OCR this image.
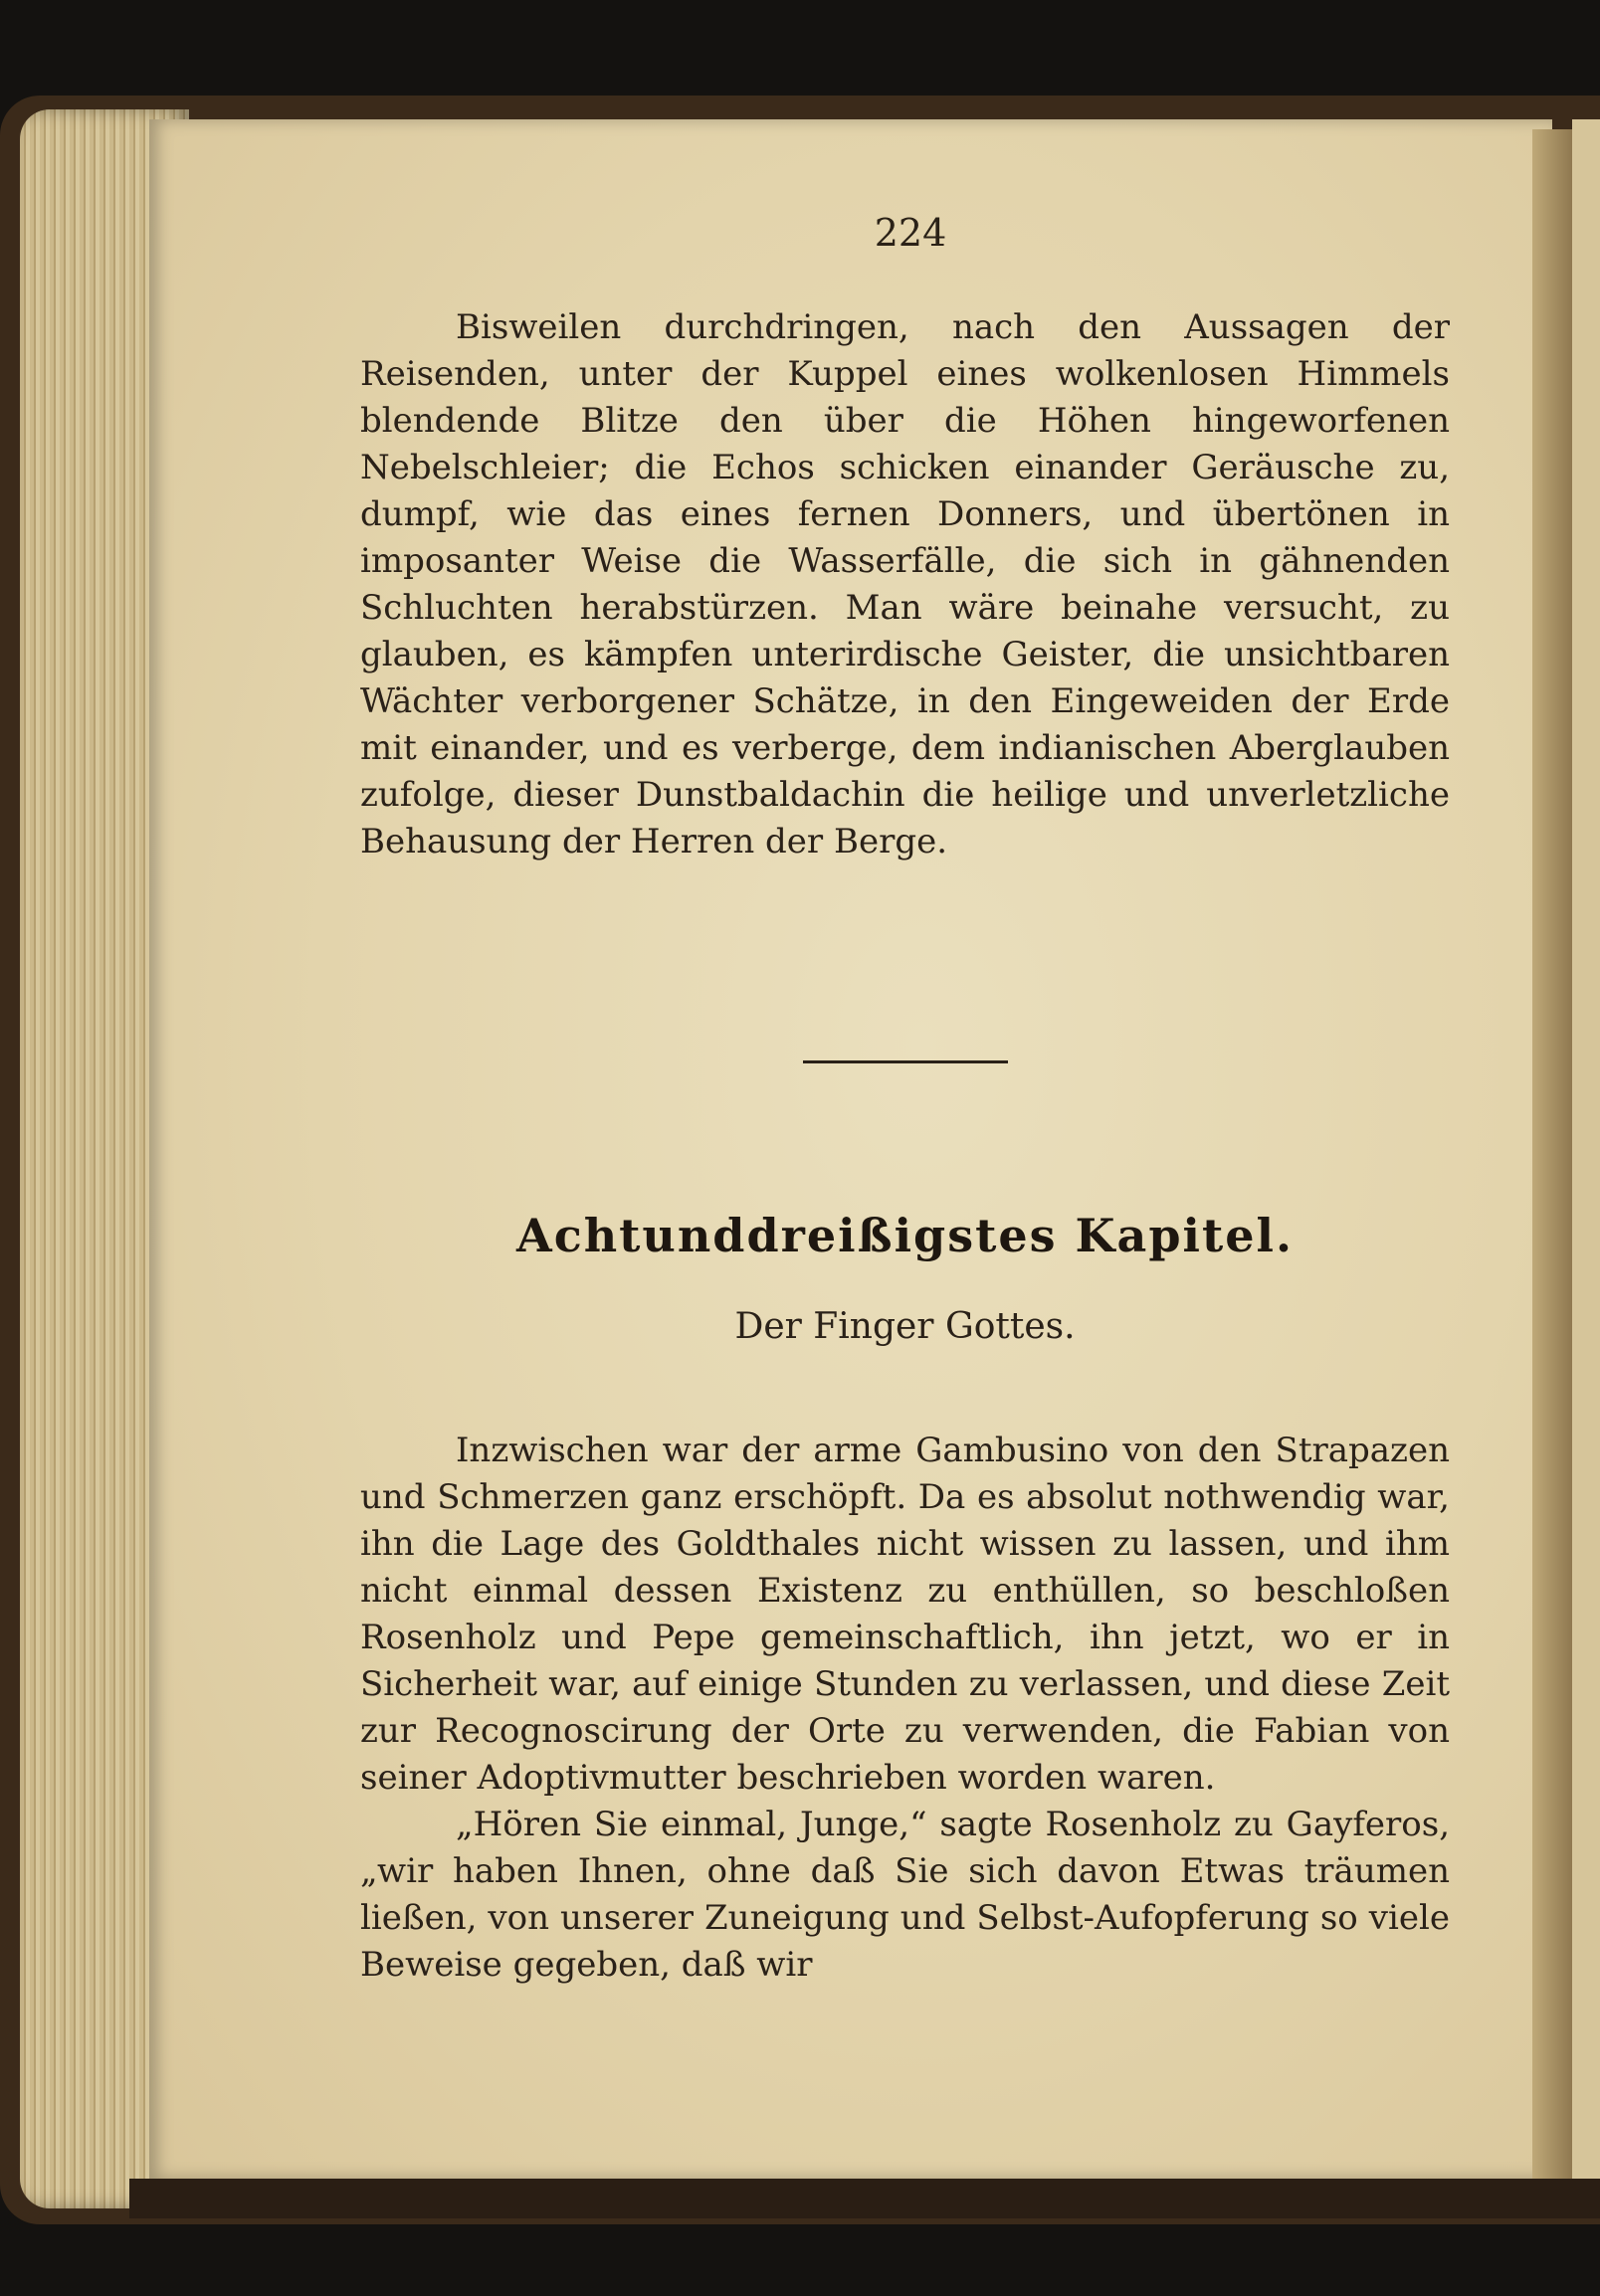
224

Bisweilen durchdringen, nach den Aussagen der Reisenden, unter der Kuppel eines wolkenlosen Himmels blendende Blitze den über die Höhen hingeworfenen Nebelschleier; die Echos schicken einander Geräusche zu, dumpf, wie das eines fernen Donners, und übertönen in imposanter Weise die Wasserfälle, die sich in gähnenden Schluchten herabstürzen. Man wäre beinahe versucht, zu glauben, es kämpfen unterirdische Geister, die unsichtbaren Wächter verborgener Schätze, in den Eingeweiden der Erde mit einander, und es verberge, dem indianischen Aberglauben zufolge, dieser Dunstbaldachin die heilige und unverletzliche Behausung der Herren der Berge.

Achtunddreißigstes Kapitel.
Der Finger Gottes.

Inzwischen war der arme Gambusino von den Strapazen und Schmerzen ganz erschöpft. Da es absolut nothwendig war, ihn die Lage des Goldthales nicht wissen zu lassen, und ihm nicht einmal dessen Existenz zu enthüllen, so beschloßen Rosenholz und Pepe gemeinschaftlich, ihn jetzt, wo er in Sicherheit war, auf einige Stunden zu verlassen, und diese Zeit zur Recognoscirung der Orte zu verwenden, die Fabian von seiner Adoptivmutter beschrieben worden waren.

„Hören Sie einmal, Junge,“ sagte Rosenholz zu Gayferos, „wir haben Ihnen, ohne daß Sie sich davon Etwas träumen ließen, von unserer Zuneigung und Selbst-Aufopferung so viele Beweise gegeben, daß wir
